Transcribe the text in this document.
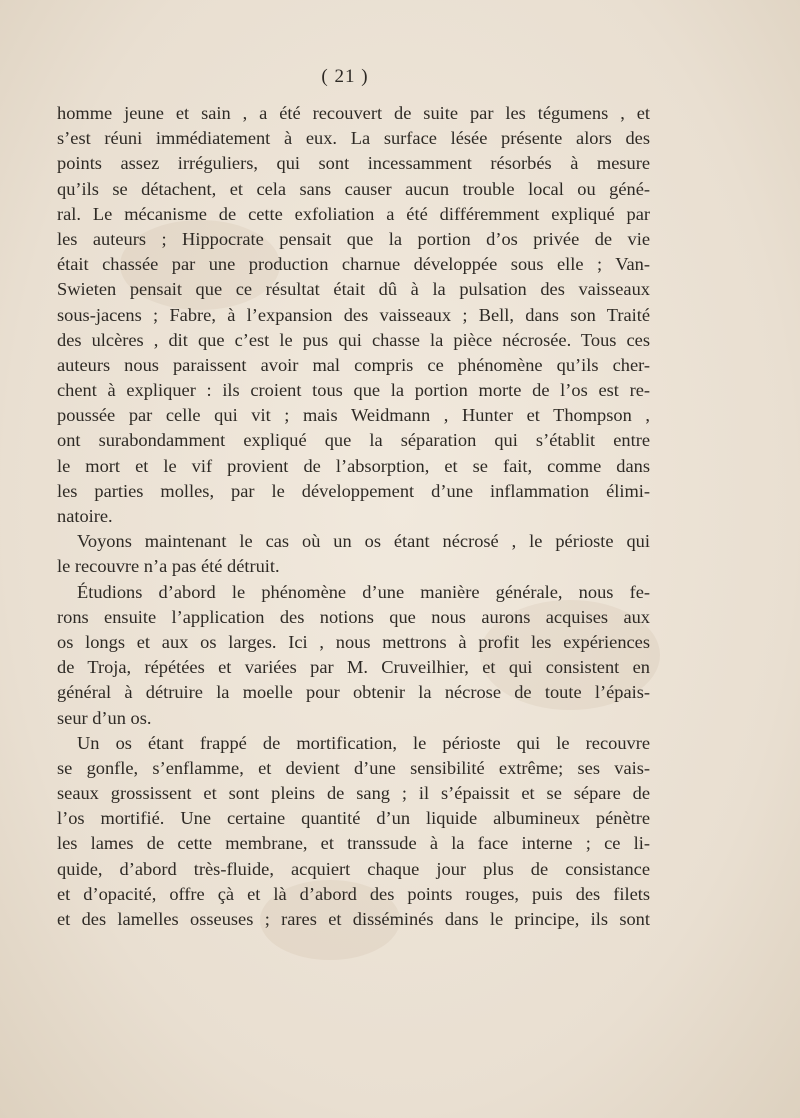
( 21 )
homme jeune et sain , a été recouvert de suite par les tégumens , et
s’est réuni immédiatement à eux. La surface lésée présente alors des
points assez irréguliers, qui sont incessamment résorbés à mesure
qu’ils se détachent, et cela sans causer aucun trouble local ou géné-
ral. Le mécanisme de cette exfoliation a été différemment expliqué par
les auteurs ; Hippocrate pensait que la portion d’os privée de vie
était chassée par une production charnue développée sous elle ; Van-
Swieten pensait que ce résultat était dû à la pulsation des vaisseaux
sous-jacens ; Fabre, à l’expansion des vaisseaux ; Bell, dans son Traité
des ulcères , dit que c’est le pus qui chasse la pièce nécrosée. Tous ces
auteurs nous paraissent avoir mal compris ce phénomène qu’ils cher-
chent à expliquer : ils croient tous que la portion morte de l’os est re-
poussée par celle qui vit ; mais Weidmann , Hunter et Thompson ,
ont surabondamment expliqué que la séparation qui s’établit entre
le mort et le vif provient de l’absorption, et se fait, comme dans
les parties molles, par le développement d’une inflammation élimi-
natoire.
Voyons maintenant le cas où un os étant nécrosé , le périoste qui
le recouvre n’a pas été détruit.
Étudions d’abord le phénomène d’une manière générale, nous fe-
rons ensuite l’application des notions que nous aurons acquises aux
os longs et aux os larges. Ici , nous mettrons à profit les expériences
de Troja, répétées et variées par M. Cruveilhier, et qui consistent en
général à détruire la moelle pour obtenir la nécrose de toute l’épais-
seur d’un os.
Un os étant frappé de mortification, le périoste qui le recouvre
se gonfle, s’enflamme, et devient d’une sensibilité extrême; ses vais-
seaux grossissent et sont pleins de sang ; il s’épaissit et se sépare de
l’os mortifié. Une certaine quantité d’un liquide albumineux pénètre
les lames de cette membrane, et transsude à la face interne ; ce li-
quide, d’abord très-fluide, acquiert chaque jour plus de consistance
et d’opacité, offre çà et là d’abord des points rouges, puis des filets
et des lamelles osseuses ; rares et disséminés dans le principe, ils sont
